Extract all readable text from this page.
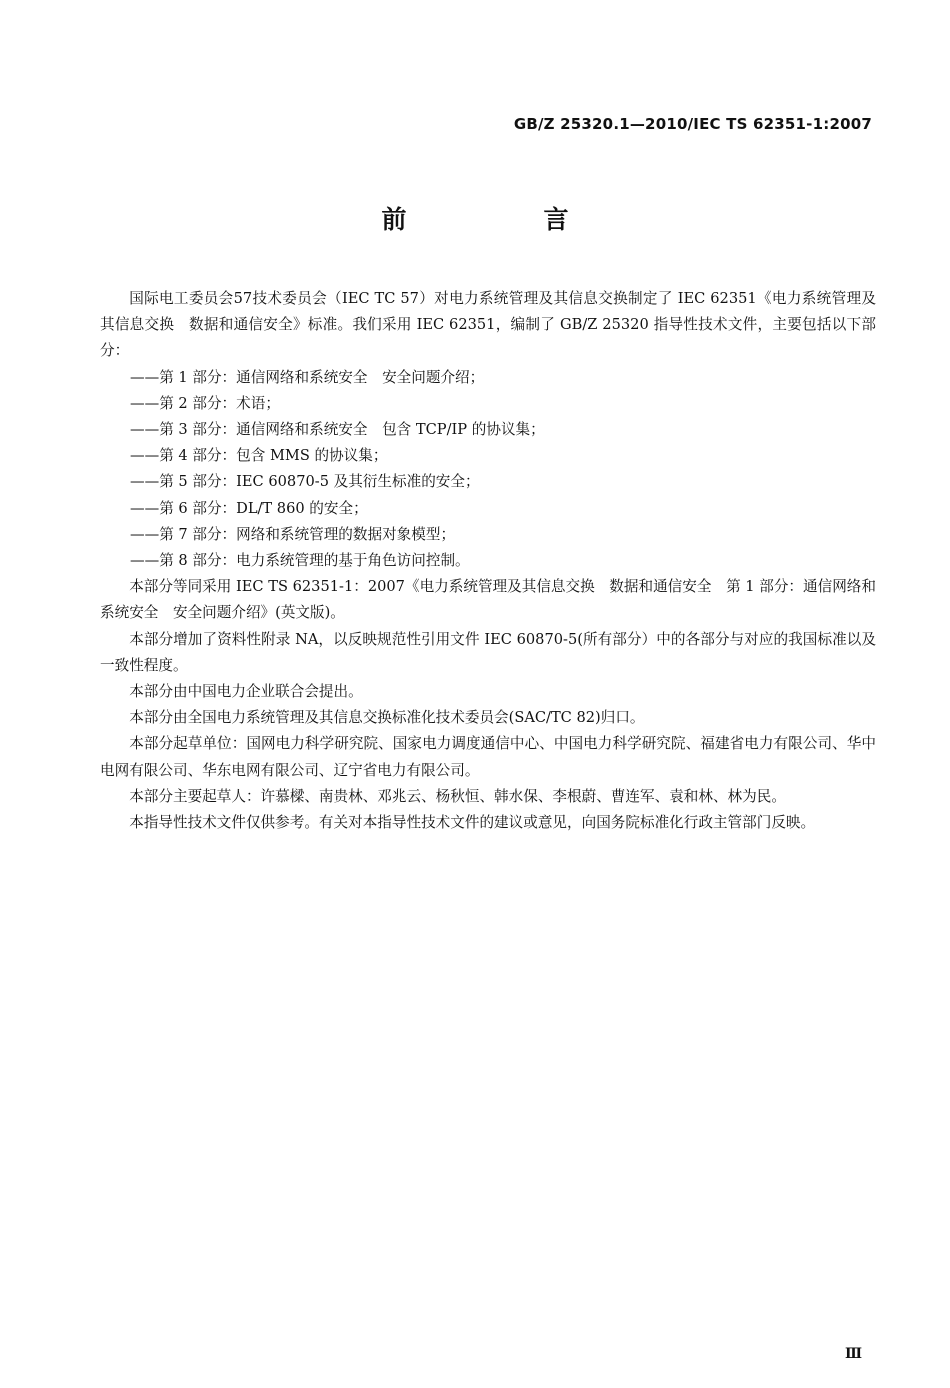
GB/Z 25320.1—2010/IEC TS 62351-1:2007
前　言

国际电工委员会57技术委员会（IEC TC 57）对电力系统管理及其信息交换制定了 IEC 62351《电力系统管理及其信息交换　数据和通信安全》标准。我们采用 IEC 62351，编制了 GB/Z 25320 指导性技术文件，主要包括以下部分：

——第 1 部分：通信网络和系统安全　安全问题介绍；

——第 2 部分：术语；

——第 3 部分：通信网络和系统安全　包含 TCP/IP 的协议集；

——第 4 部分：包含 MMS 的协议集；

——第 5 部分：IEC 60870-5 及其衍生标准的安全；

——第 6 部分：DL/T 860 的安全；

——第 7 部分：网络和系统管理的数据对象模型；

——第 8 部分：电力系统管理的基于角色访问控制。

本部分等同采用 IEC TS 62351-1：2007《电力系统管理及其信息交换　数据和通信安全　第 1 部分：通信网络和系统安全　安全问题介绍》(英文版)。

本部分增加了资料性附录 NA，以反映规范性引用文件 IEC 60870-5(所有部分）中的各部分与对应的我国标准以及一致性程度。

本部分由中国电力企业联合会提出。

本部分由全国电力系统管理及其信息交换标准化技术委员会(SAC/TC 82)归口。

本部分起草单位：国网电力科学研究院、国家电力调度通信中心、中国电力科学研究院、福建省电力有限公司、华中电网有限公司、华东电网有限公司、辽宁省电力有限公司。

本部分主要起草人：许慕樑、南贵林、邓兆云、杨秋恒、韩水保、李根蔚、曹连军、袁和林、林为民。

本指导性技术文件仅供参考。有关对本指导性技术文件的建议或意见，向国务院标准化行政主管部门反映。

Ⅲ
